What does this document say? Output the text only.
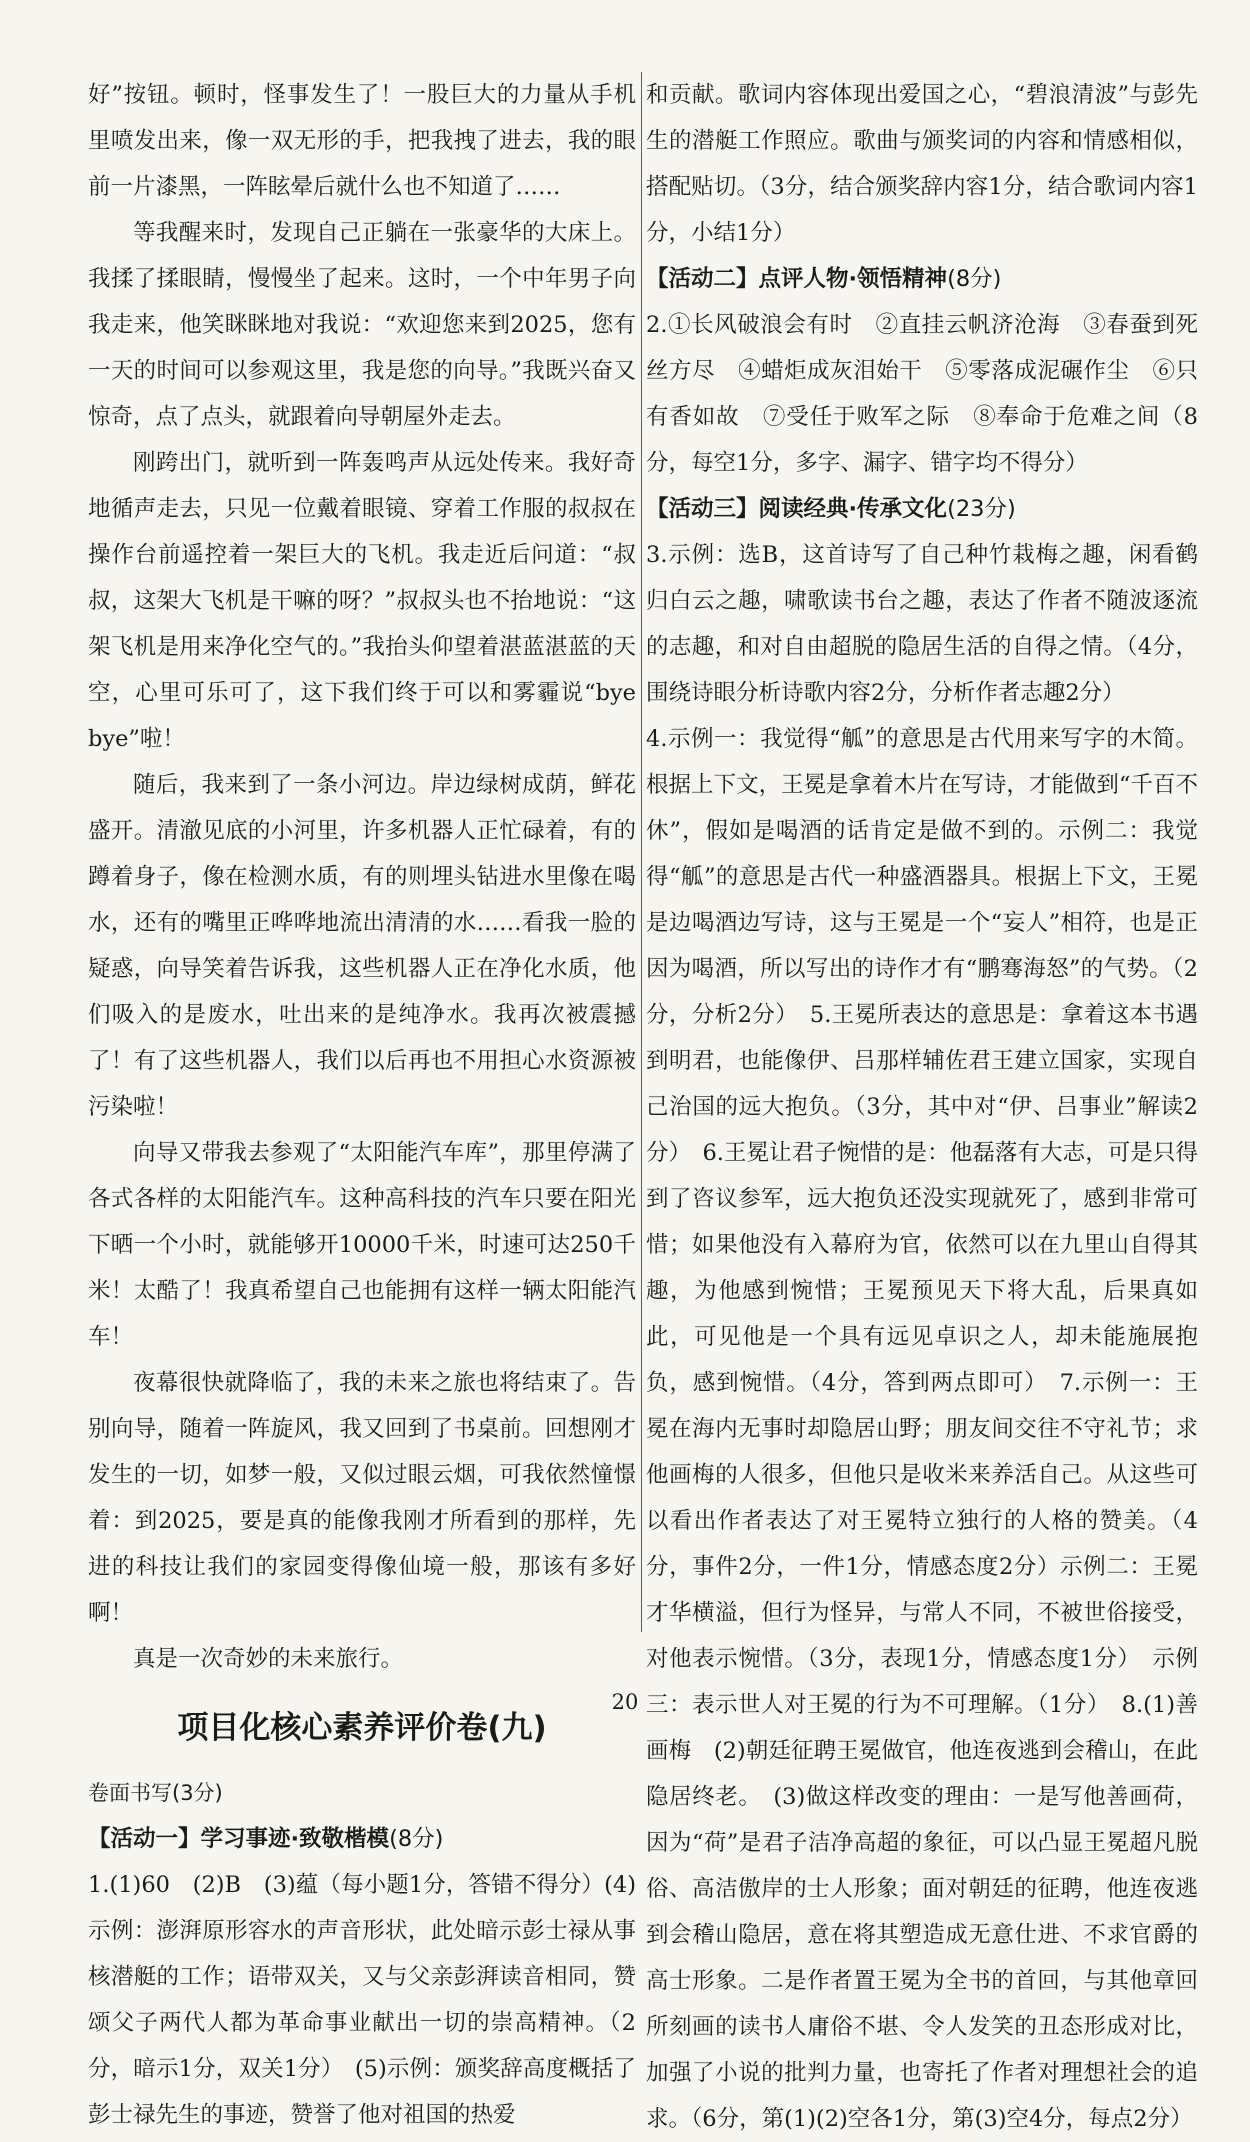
好”按钮。顿时，怪事发生了！一股巨大的力量从手机里喷发出来，像一双无形的手，把我拽了进去，我的眼前一片漆黑，一阵眩晕后就什么也不知道了……

等我醒来时，发现自己正躺在一张豪华的大床上。我揉了揉眼睛，慢慢坐了起来。这时，一个中年男子向我走来，他笑眯眯地对我说：“欢迎您来到2025，您有一天的时间可以参观这里，我是您的向导。”我既兴奋又惊奇，点了点头，就跟着向导朝屋外走去。

刚跨出门，就听到一阵轰鸣声从远处传来。我好奇地循声走去，只见一位戴着眼镜、穿着工作服的叔叔在操作台前遥控着一架巨大的飞机。我走近后问道：“叔叔，这架大飞机是干嘛的呀？”叔叔头也不抬地说：“这架飞机是用来净化空气的。”我抬头仰望着湛蓝湛蓝的天空，心里可乐可了，这下我们终于可以和雾霾说“bye bye”啦！

随后，我来到了一条小河边。岸边绿树成荫，鲜花盛开。清澈见底的小河里，许多机器人正忙碌着，有的蹲着身子，像在检测水质，有的则埋头钻进水里像在喝水，还有的嘴里正哗哗地流出清清的水……看我一脸的疑惑，向导笑着告诉我，这些机器人正在净化水质，他们吸入的是废水，吐出来的是纯净水。我再次被震撼了！有了这些机器人，我们以后再也不用担心水资源被污染啦！

向导又带我去参观了“太阳能汽车库”，那里停满了各式各样的太阳能汽车。这种高科技的汽车只要在阳光下晒一个小时，就能够开10000千米，时速可达250千米！太酷了！我真希望自己也能拥有这样一辆太阳能汽车！

夜幕很快就降临了，我的未来之旅也将结束了。告别向导，随着一阵旋风，我又回到了书桌前。回想刚才发生的一切，如梦一般，又似过眼云烟，可我依然憧憬着：到2025，要是真的能像我刚才所看到的那样，先进的科技让我们的家园变得像仙境一般，那该有多好啊！

真是一次奇妙的未来旅行。

项目化核心素养评价卷(九)

卷面书写(3分)

【活动一】学习事迹·致敬楷模(8分)

1.(1)60　(2)B　(3)蕴（每小题1分，答错不得分）(4)示例：澎湃原形容水的声音形状，此处暗示彭士禄从事核潜艇的工作；语带双关，又与父亲彭湃读音相同，赞颂父子两代人都为革命事业献出一切的崇高精神。（2分，暗示1分，双关1分）　(5)示例：颁奖辞高度概括了彭士禄先生的事迹，赞誉了他对祖国的热爱

和贡献。歌词内容体现出爱国之心，“碧浪清波”与彭先生的潜艇工作照应。歌曲与颁奖词的内容和情感相似，搭配贴切。（3分，结合颁奖辞内容1分，结合歌词内容1分，小结1分）

【活动二】点评人物·领悟精神(8分)

2.①长风破浪会有时　②直挂云帆济沧海　③春蚕到死丝方尽　④蜡炬成灰泪始干　⑤零落成泥碾作尘　⑥只有香如故　⑦受任于败军之际　⑧奉命于危难之间（8分，每空1分，多字、漏字、错字均不得分）

【活动三】阅读经典·传承文化(23分)

3.示例：选B，这首诗写了自己种竹栽梅之趣，闲看鹤归白云之趣，啸歌读书台之趣，表达了作者不随波逐流的志趣，和对自由超脱的隐居生活的自得之情。（4分，围绕诗眼分析诗歌内容2分，分析作者志趣2分）

4.示例一：我觉得“觚”的意思是古代用来写字的木简。根据上下文，王冕是拿着木片在写诗，才能做到“千百不休”，假如是喝酒的话肯定是做不到的。示例二：我觉得“觚”的意思是古代一种盛酒器具。根据上下文，王冕是边喝酒边写诗，这与王冕是一个“妄人”相符，也是正因为喝酒，所以写出的诗作才有“鹏骞海怒”的气势。（2分，分析2分）　5.王冕所表达的意思是：拿着这本书遇到明君，也能像伊、吕那样辅佐君王建立国家，实现自己治国的远大抱负。（3分，其中对“伊、吕事业”解读2分）　6.王冕让君子惋惜的是：他磊落有大志，可是只得到了咨议参军，远大抱负还没实现就死了，感到非常可惜；如果他没有入幕府为官，依然可以在九里山自得其趣，为他感到惋惜；王冕预见天下将大乱，后果真如此，可见他是一个具有远见卓识之人，却未能施展抱负，感到惋惜。（4分，答到两点即可）　7.示例一：王冕在海内无事时却隐居山野；朋友间交往不守礼节；求他画梅的人很多，但他只是收米来养活自己。从这些可以看出作者表达了对王冕特立独行的人格的赞美。（4分，事件2分，一件1分，情感态度2分）示例二：王冕才华横溢，但行为怪异，与常人不同，不被世俗接受，对他表示惋惜。（3分，表现1分，情感态度1分）　示例三：表示世人对王冕的行为不可理解。（1分）　8.(1)善画梅　(2)朝廷征聘王冕做官，他连夜逃到会稽山，在此隐居终老。　(3)做这样改变的理由：一是写他善画荷，因为“荷”是君子洁净高超的象征，可以凸显王冕超凡脱俗、高洁傲岸的士人形象；面对朝廷的征聘，他连夜逃到会稽山隐居，意在将其塑造成无意仕进、不求官爵的高士形象。二是作者置王冕为全书的首回，与其他章回所刻画的读书人庸俗不堪、令人发笑的丑态形成对比，加强了小说的批判力量，也寄托了作者对理想社会的追求。（6分，第(1)(2)空各1分，第(3)空4分，每点2分）

20
